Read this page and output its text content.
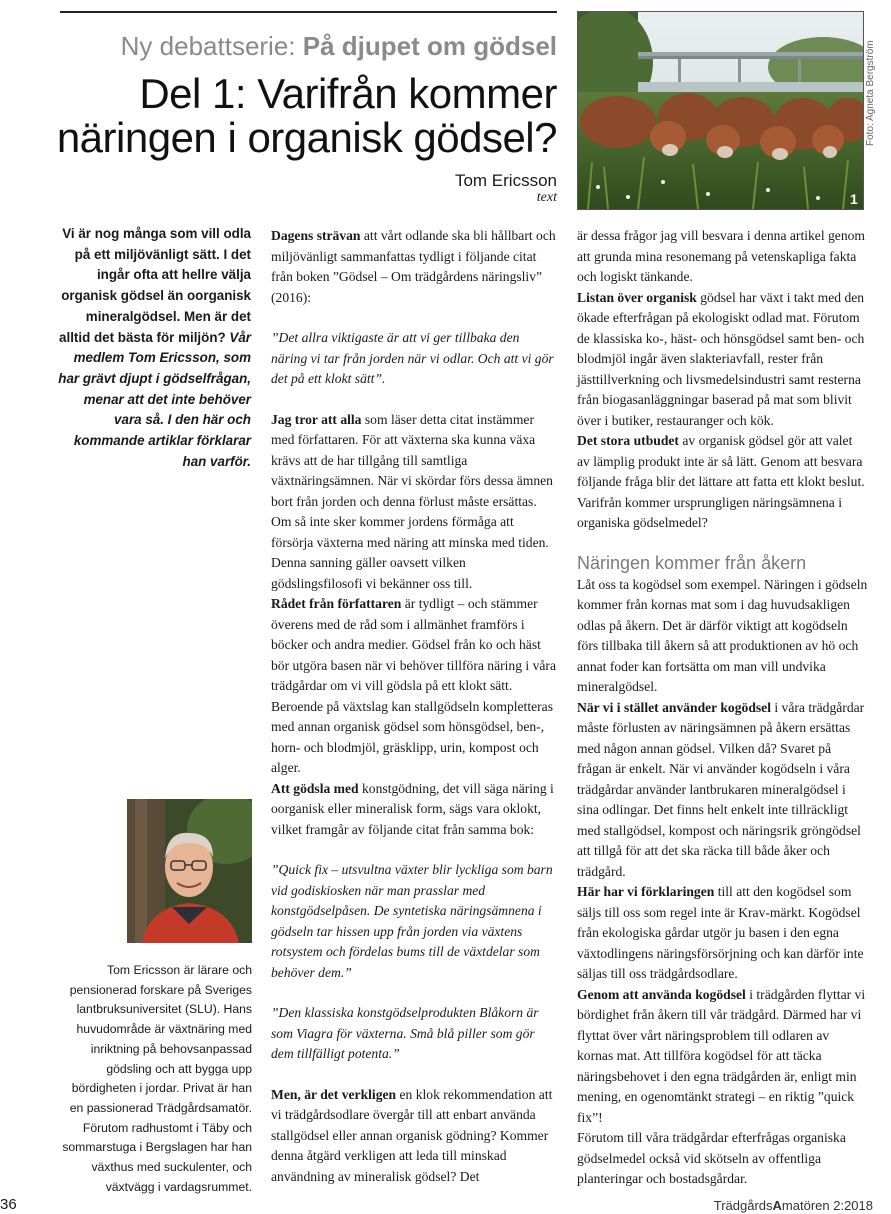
Ny debattserie: På djupet om gödsel
Del 1: Varifrån kommer
näringen i organisk gödsel?
Tom Ericsson
text	1
Foto: Agneta Bergström
Vi är nog många som vill odla på ett miljövänligt sätt. I det ingår ofta att hellre välja organisk gödsel än oorganisk mineralgödsel. Men är det alltid det bästa för miljön? Vår medlem Tom Ericsson, som har grävt djupt i gödselfrågan, menar att det inte behöver vara så. I den här och kommande artiklar förklarar han varför.
Tom Ericsson är lärare och pensionerad forskare på Sveriges lantbruksuniversitet (SLU). Hans huvudområde är växtnäring med inriktning på behovsanpassad gödsling och att bygga upp bördigheten i jordar. Privat är han en passionerad Trädgårdsamatör. Förutom radhustomt i Täby och sommarstuga i Bergslagen har han växthus med suckulenter, och växtvägg i vardagsrummet.

Dagens strävan att vårt odlande ska bli hållbart och miljövänligt sammanfattas tydligt i följande citat från boken ”Gödsel – Om trädgårdens näringsliv” (2016):

”Det allra viktigaste är att vi ger tillbaka den näring vi tar från jorden när vi odlar. Och att vi gör det på ett klokt sätt”.

Jag tror att alla som läser detta citat instämmer med författaren. För att växterna ska kunna växa krävs att de har tillgång till samtliga växtnäringsämnen. När vi skördar förs dessa ämnen bort från jorden och denna förlust måste ersättas. Om så inte sker kommer jordens förmåga att försörja växterna med näring att minska med tiden. Denna sanning gäller oavsett vilken gödslingsfilosofi vi bekänner oss till.

Rådet från författaren är tydligt – och stämmer överens med de råd som i allmänhet framförs i böcker och andra medier. Gödsel från ko och häst bör utgöra basen när vi behöver tillföra näring i våra trädgårdar om vi vill gödsla på ett klokt sätt. Beroende på växtslag kan stallgödseln kompletteras med annan organisk gödsel som hönsgödsel, ben-, horn- och blodmjöl, gräsklipp, urin, kompost och alger.

Att gödsla med konstgödning, det vill säga näring i oorganisk eller mineralisk form, sägs vara oklokt, vilket framgår av följande citat från samma bok:

”Quick fix – utsvultna växter blir lyckliga som barn vid godiskiosken när man prasslar med konstgödselpåsen. De syntetiska näringsämnena i gödseln tar hissen upp från jorden via växtens rotsystem och fördelas bums till de växtdelar som behöver dem.”

”Den klassiska konstgödselprodukten Blåkorn är som Viagra för växterna. Små blå piller som gör dem tillfälligt potenta.”

Men, är det verkligen en klok rekommendation att vi trädgårdsodlare övergår till att enbart använda stallgödsel eller annan organisk gödning? Kommer denna åtgärd verkligen att leda till minskad användning av mineralisk gödsel? Det

är dessa frågor jag vill besvara i denna artikel genom att grunda mina resonemang på vetenskapliga fakta och logiskt tänkande.

Listan över organisk gödsel har växt i takt med den ökade efterfrågan på ekologiskt odlad mat. Förutom de klassiska ko-, häst- och hönsgödsel samt ben- och blodmjöl ingår även slakteriavfall, rester från jästtillverkning och livsmedelsindustri samt resterna från biogasanläggningar baserad på mat som blivit över i butiker, restauranger och kök.

Det stora utbudet av organisk gödsel gör att valet av lämplig produkt inte är så lätt. Genom att besvara följande fråga blir det lättare att fatta ett klokt beslut. Varifrån kommer ursprungligen näringsämnena i organiska gödselmedel?

Näringen kommer från åkern

Låt oss ta kogödsel som exempel. Näringen i gödseln kommer från kornas mat som i dag huvudsakligen odlas på åkern. Det är därför viktigt att kogödseln förs tillbaka till åkern så att produktionen av hö och annat foder kan fortsätta om man vill undvika mineralgödsel.

När vi i stället använder kogödsel i våra trädgårdar måste förlusten av näringsämnen på åkern ersättas med någon annan gödsel. Vilken då? Svaret på frågan är enkelt. När vi använder kogödseln i våra trädgårdar använder lantbrukaren mineralgödsel i sina odlingar. Det finns helt enkelt inte tillräckligt med stallgödsel, kompost och näringsrik gröngödsel att tillgå för att det ska räcka till både åker och trädgård.

Här har vi förklaringen till att den kogödsel som säljs till oss som regel inte är Krav-märkt. Kogödsel från ekologiska gårdar utgör ju basen i den egna växtodlingens näringsförsörjning och kan därför inte säljas till oss trädgårdsodlare.

Genom att använda kogödsel i trädgården flyttar vi bördighet från åkern till vår trädgård. Därmed har vi flyttat över vårt näringsproblem till odlaren av kornas mat. Att tillföra kogödsel för att täcka näringsbehovet i den egna trädgården är, enligt min mening, en ogenomtänkt strategi – en riktig ”quick fix”!

Förutom till våra trädgårdar efterfrågas organiska gödselmedel också vid skötseln av offentliga planteringar och bostadsgårdar.

36	TrädgårdsAmatören 2:2018
